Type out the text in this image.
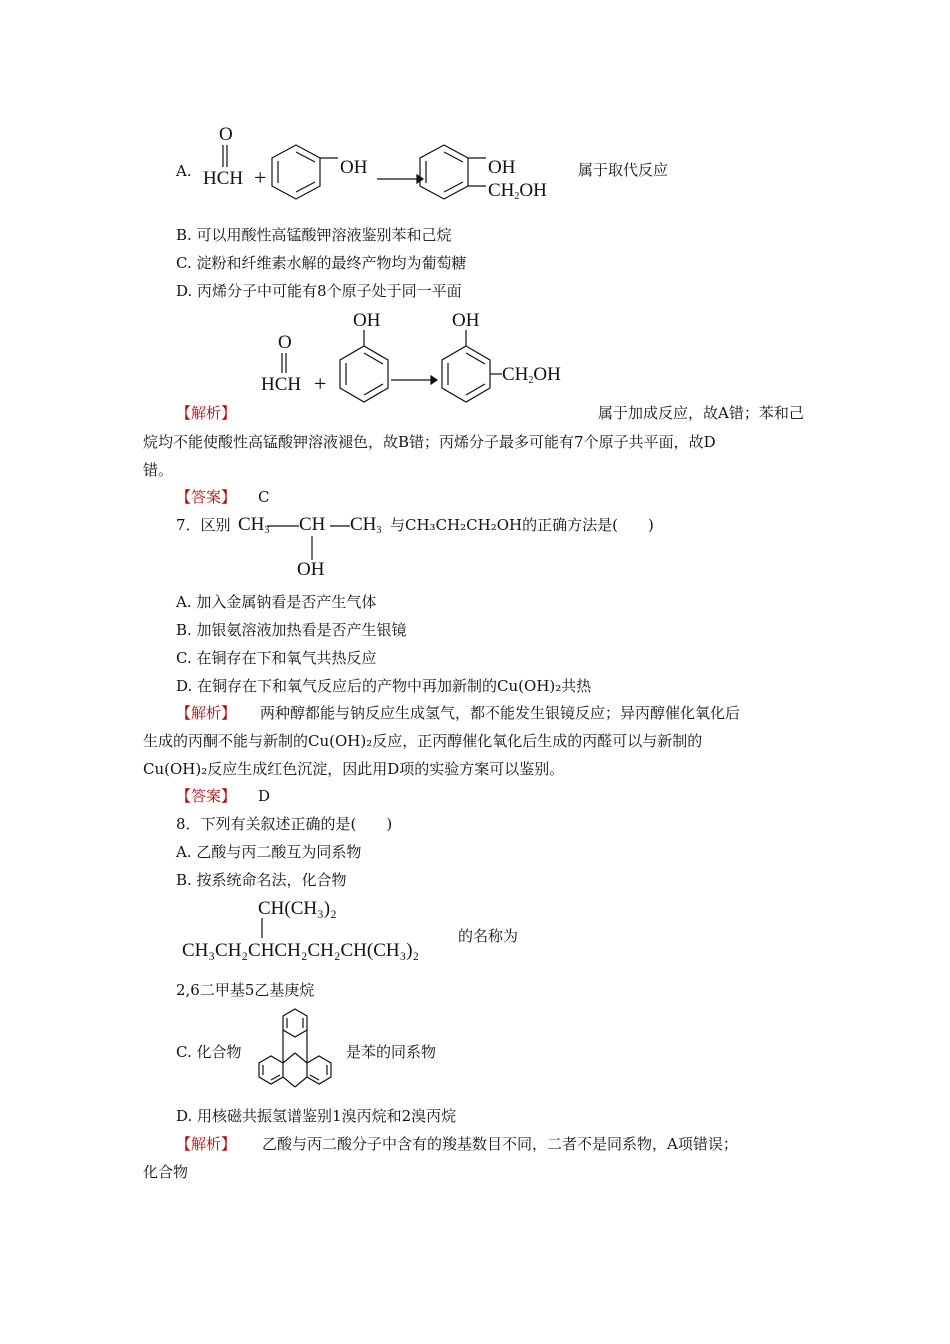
A.
O
HCH +	OH	OH
$CH_2OH$
属于取代反应
B. 可以用酸性高锰酸钾溶液鉴别苯和己烷
C. 淀粉和纤维素水解的最终产物均为葡萄糖
D. 丙烯分子中可能有8个原子处于同一平面
O
HCH +
OH	OH
$CH_2OH$
【解析】	属于加成反应，故A错；苯和己
烷均不能使酸性高锰酸钾溶液褪色，故B错；丙烯分子最多可能有7个原子共平面，故D
错。
【答案】 C
7．区别 $CH_3$ CH $CH_3$
OH
与CH₃CH₂CH₂OH的正确方法是(　　)
A. 加入金属钠看是否产生气体
B. 加银氨溶液加热看是否产生银镜
C. 在铜存在下和氧气共热反应
D. 在铜存在下和氧气反应后的产物中再加新制的Cu(OH)₂共热
【解析】 两种醇都能与钠反应生成氢气，都不能发生银镜反应；异丙醇催化氧化后
生成的丙酮不能与新制的Cu(OH)₂反应，正丙醇催化氧化后生成的丙醛可以与新制的
Cu(OH)₂反应生成红色沉淀，因此用D项的实验方案可以鉴别。
【答案】 D
8．下列有关叙述正确的是(　　)
A. 乙酸与丙二酸互为同系物
B. 按系统命名法，化合物
CH(CH₃)₂
CH₃CH₂CHCH₂CH₂CH(CH₃)₂
的名称为
2,6二甲基5乙基庚烷
C. 化合物	是苯的同系物
D. 用核磁共振氢谱鉴别1溴丙烷和2溴丙烷
【解析】 乙酸与丙二酸分子中含有的羧基数目不同，二者不是同系物，A项错误；
化合物
